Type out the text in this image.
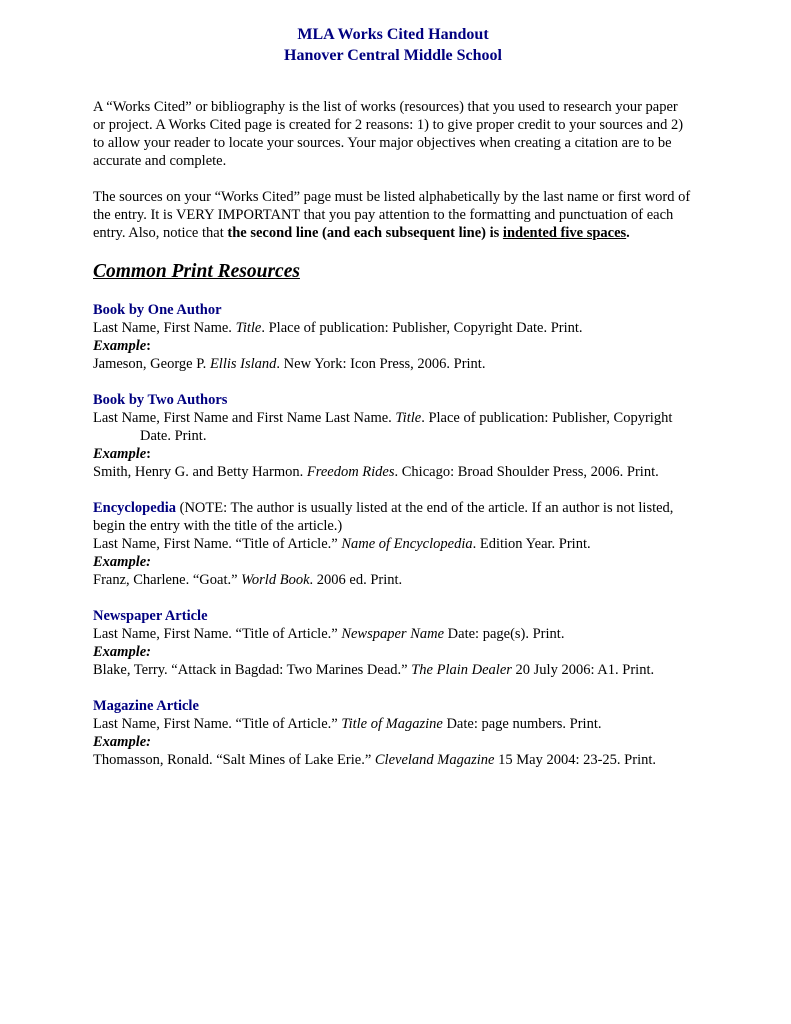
MLA Works Cited Handout
Hanover Central Middle School

A “Works Cited” or bibliography is the list of works (resources) that you used to research your paper or project. A Works Cited page is created for 2 reasons: 1) to give proper credit to your sources and 2) to allow your reader to locate your sources. Your major objectives when creating a citation are to be accurate and complete.

The sources on your “Works Cited” page must be listed alphabetically by the last name or first word of the entry. It is VERY IMPORTANT that you pay attention to the formatting and punctuation of each entry. Also, notice that the second line (and each subsequent line) is indented five spaces.

Common Print Resources
Book by One Author

Last Name, First Name. Title. Place of publication: Publisher, Copyright Date. Print.

Example:

Jameson, George P. Ellis Island. New York: Icon Press, 2006. Print.

Book by Two Authors

Last Name, First Name and First Name Last Name. Title. Place of publication: Publisher, Copyright Date. Print.

Example:

Smith, Henry G. and Betty Harmon. Freedom Rides. Chicago: Broad Shoulder Press, 2006. Print.

Encyclopedia (NOTE: The author is usually listed at the end of the article. If an author is not listed, begin the entry with the title of the article.)

Last Name, First Name. “Title of Article.” Name of Encyclopedia. Edition Year. Print.

Example:

Franz, Charlene. “Goat.” World Book. 2006 ed. Print.

Newspaper Article

Last Name, First Name. “Title of Article.” Newspaper Name Date: page(s). Print.

Example:

Blake, Terry. “Attack in Bagdad: Two Marines Dead.” The Plain Dealer 20 July 2006: A1. Print.

Magazine Article

Last Name, First Name. “Title of Article.” Title of Magazine Date: page numbers. Print.

Example:

Thomasson, Ronald. “Salt Mines of Lake Erie.” Cleveland Magazine 15 May 2004: 23-25. Print.
